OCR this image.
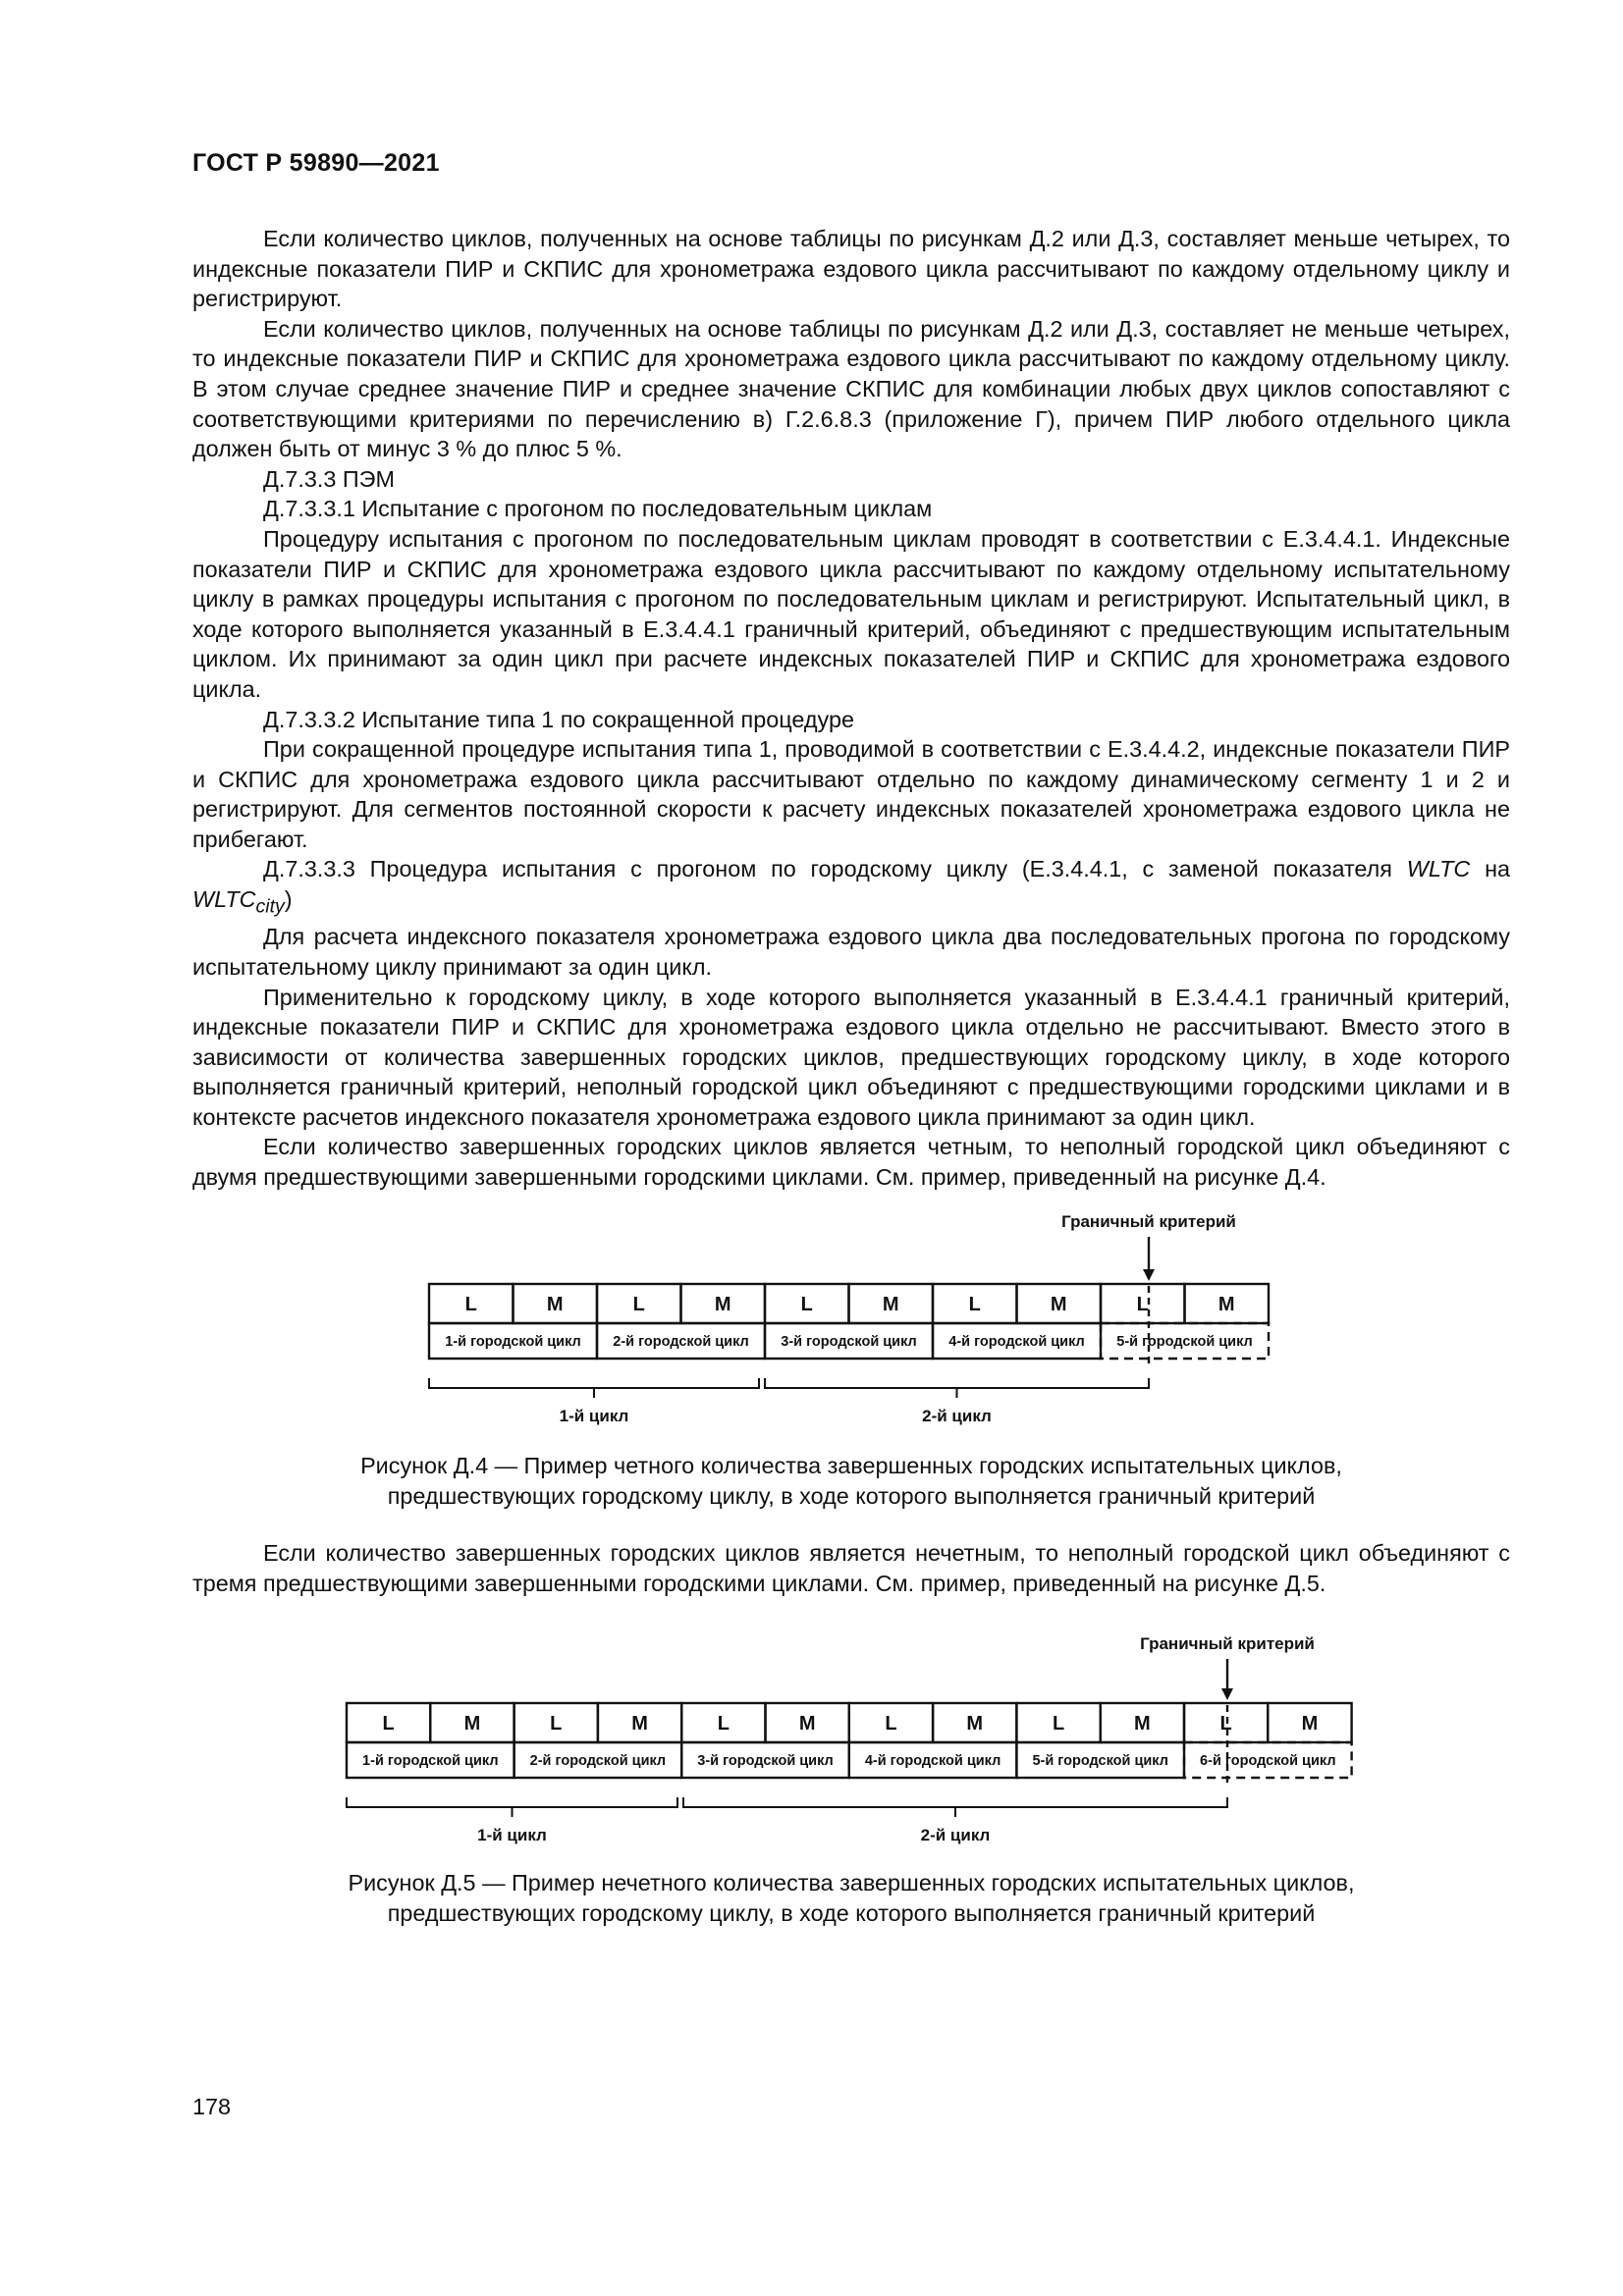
ГОСТ Р 59890—2021

Если количество циклов, полученных на основе таблицы по рисункам Д.2 или Д.3, составляет меньше четырех, то индексные показатели ПИР и СКПИС для хронометража ездового цикла рассчитывают по каждому отдельному циклу и регистрируют.

Если количество циклов, полученных на основе таблицы по рисункам Д.2 или Д.3, составляет не меньше четырех, то индексные показатели ПИР и СКПИС для хронометража ездового цикла рассчитывают по каждому отдельному циклу. В этом случае среднее значение ПИР и среднее значение СКПИС для комбинации любых двух циклов сопоставляют с соответствующими критериями по перечислению в) Г.2.6.8.3 (приложение Г), причем ПИР любого отдельного цикла должен быть от минус 3 % до плюс 5 %.

Д.7.3.3 ПЭМ

Д.7.3.3.1 Испытание с прогоном по последовательным циклам

Процедуру испытания с прогоном по последовательным циклам проводят в соответствии с Е.3.4.4.1. Индексные показатели ПИР и СКПИС для хронометража ездового цикла рассчитывают по каждому отдельному испытательному циклу в рамках процедуры испытания с прогоном по последовательным циклам и регистрируют. Испытательный цикл, в ходе которого выполняется указанный в Е.3.4.4.1 граничный критерий, объединяют с предшествующим испытательным циклом. Их принимают за один цикл при расчете индексных показателей ПИР и СКПИС для хронометража ездового цикла.

Д.7.3.3.2 Испытание типа 1 по сокращенной процедуре

При сокращенной процедуре испытания типа 1, проводимой в соответствии с Е.3.4.4.2, индексные показатели ПИР и СКПИС для хронометража ездового цикла рассчитывают отдельно по каждому динамическому сегменту 1 и 2 и регистрируют. Для сегментов постоянной скорости к расчету индексных показателей хронометража ездового цикла не прибегают.

Д.7.3.3.3 Процедура испытания с прогоном по городскому циклу (Е.3.4.4.1, с заменой показателя WLTC на $WLTC_{city}$)

Для расчета индексного показателя хронометража ездового цикла два последовательных прогона по городскому испытательному циклу принимают за один цикл.

Применительно к городскому циклу, в ходе которого выполняется указанный в Е.3.4.4.1 граничный критерий, индексные показатели ПИР и СКПИС для хронометража ездового цикла отдельно не рассчитывают. Вместо этого в зависимости от количества завершенных городских циклов, предшествующих городскому циклу, в ходе которого выполняется граничный критерий, неполный городской цикл объединяют с предшествующими городскими циклами и в контексте расчетов индексного показателя хронометража ездового цикла принимают за один цикл.

Если количество завершенных городских циклов является четным, то неполный городской цикл объединяют с двумя предшествующими завершенными городскими циклами. См. пример, приведенный на рисунке Д.4.

Граничный критерий
L	M	L	M	L	M	L	M	L	M
1-й городской цикл 2-й городской цикл 3-й городской цикл 4-й городской цикл 5-й городской цикл
1-й цикл	2-й цикл
Рисунок Д.4 — Пример четного количества завершенных городских испытательных циклов,
предшествующих городскому циклу, в ходе которого выполняется граничный критерий

Если количество завершенных городских циклов является нечетным, то неполный городской цикл объединяют с тремя предшествующими завершенными городскими циклами. См. пример, приведенный на рисунке Д.5.

Граничный критерий
L	M	L	M	L	M	L	M	L	M	L	M
1-й городской цикл 2-й городской цикл 3-й городской цикл 4-й городской цикл 5-й городской цикл 6-й городской цикл
1-й цикл	2-й цикл
Рисунок Д.5 — Пример нечетного количества завершенных городских испытательных циклов,
предшествующих городскому циклу, в ходе которого выполняется граничный критерий
178
